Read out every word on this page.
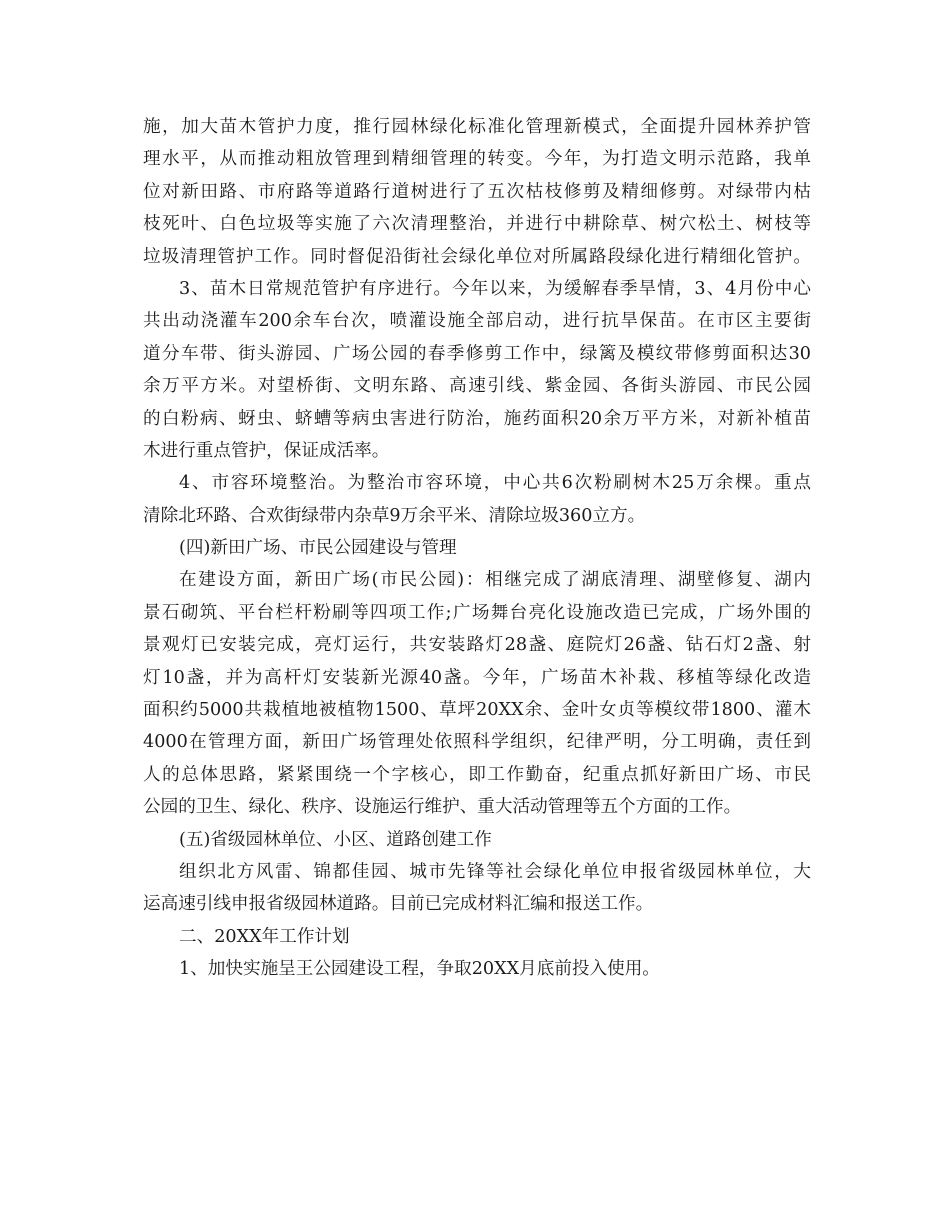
施，加大苗木管护力度，推行园林绿化标准化管理新模式，全面提升园林养护管
理水平，从而推动粗放管理到精细管理的转变。今年，为打造文明示范路，我单
位对新田路、市府路等道路行道树进行了五次枯枝修剪及精细修剪。对绿带内枯
枝死叶、白色垃圾等实施了六次清理整治，并进行中耕除草、树穴松土、树枝等
垃圾清理管护工作。同时督促沿街社会绿化单位对所属路段绿化进行精细化管护。
3、苗木日常规范管护有序进行。今年以来，为缓解春季旱情，3、4月份中心
共出动浇灌车200余车台次，喷灌设施全部启动，进行抗旱保苗。在市区主要街
道分车带、街头游园、广场公园的春季修剪工作中，绿篱及模纹带修剪面积达30
余万平方米。对望桥街、文明东路、高速引线、紫金园、各街头游园、市民公园
的白粉病、蚜虫、蛴螬等病虫害进行防治，施药面积20余万平方米，对新补植苗
木进行重点管护，保证成活率。
4、市容环境整治。为整治市容环境，中心共6次粉刷树木25万余棵。重点
清除北环路、合欢街绿带内杂草9万余平米、清除垃圾360立方。
(四)新田广场、市民公园建设与管理
在建设方面，新田广场(市民公园)：相继完成了湖底清理、湖壁修复、湖内
景石砌筑、平台栏杆粉刷等四项工作;广场舞台亮化设施改造已完成，广场外围的
景观灯已安装完成，亮灯运行，共安装路灯28盏、庭院灯26盏、钻石灯2盏、射
灯10盏，并为高杆灯安装新光源40盏。今年，广场苗木补栽、移植等绿化改造
面积约5000共栽植地被植物1500、草坪20XX余、金叶女贞等模纹带1800、灌木
4000在管理方面，新田广场管理处依照科学组织，纪律严明，分工明确，责任到
人的总体思路，紧紧围绕一个字核心，即工作勤奋，纪重点抓好新田广场、市民
公园的卫生、绿化、秩序、设施运行维护、重大活动管理等五个方面的工作。
(五)省级园林单位、小区、道路创建工作
组织北方风雷、锦都佳园、城市先锋等社会绿化单位申报省级园林单位，大
运高速引线申报省级园林道路。目前已完成材料汇编和报送工作。
二、20XX年工作计划
1、加快实施呈王公园建设工程，争取20XX月底前投入使用。
